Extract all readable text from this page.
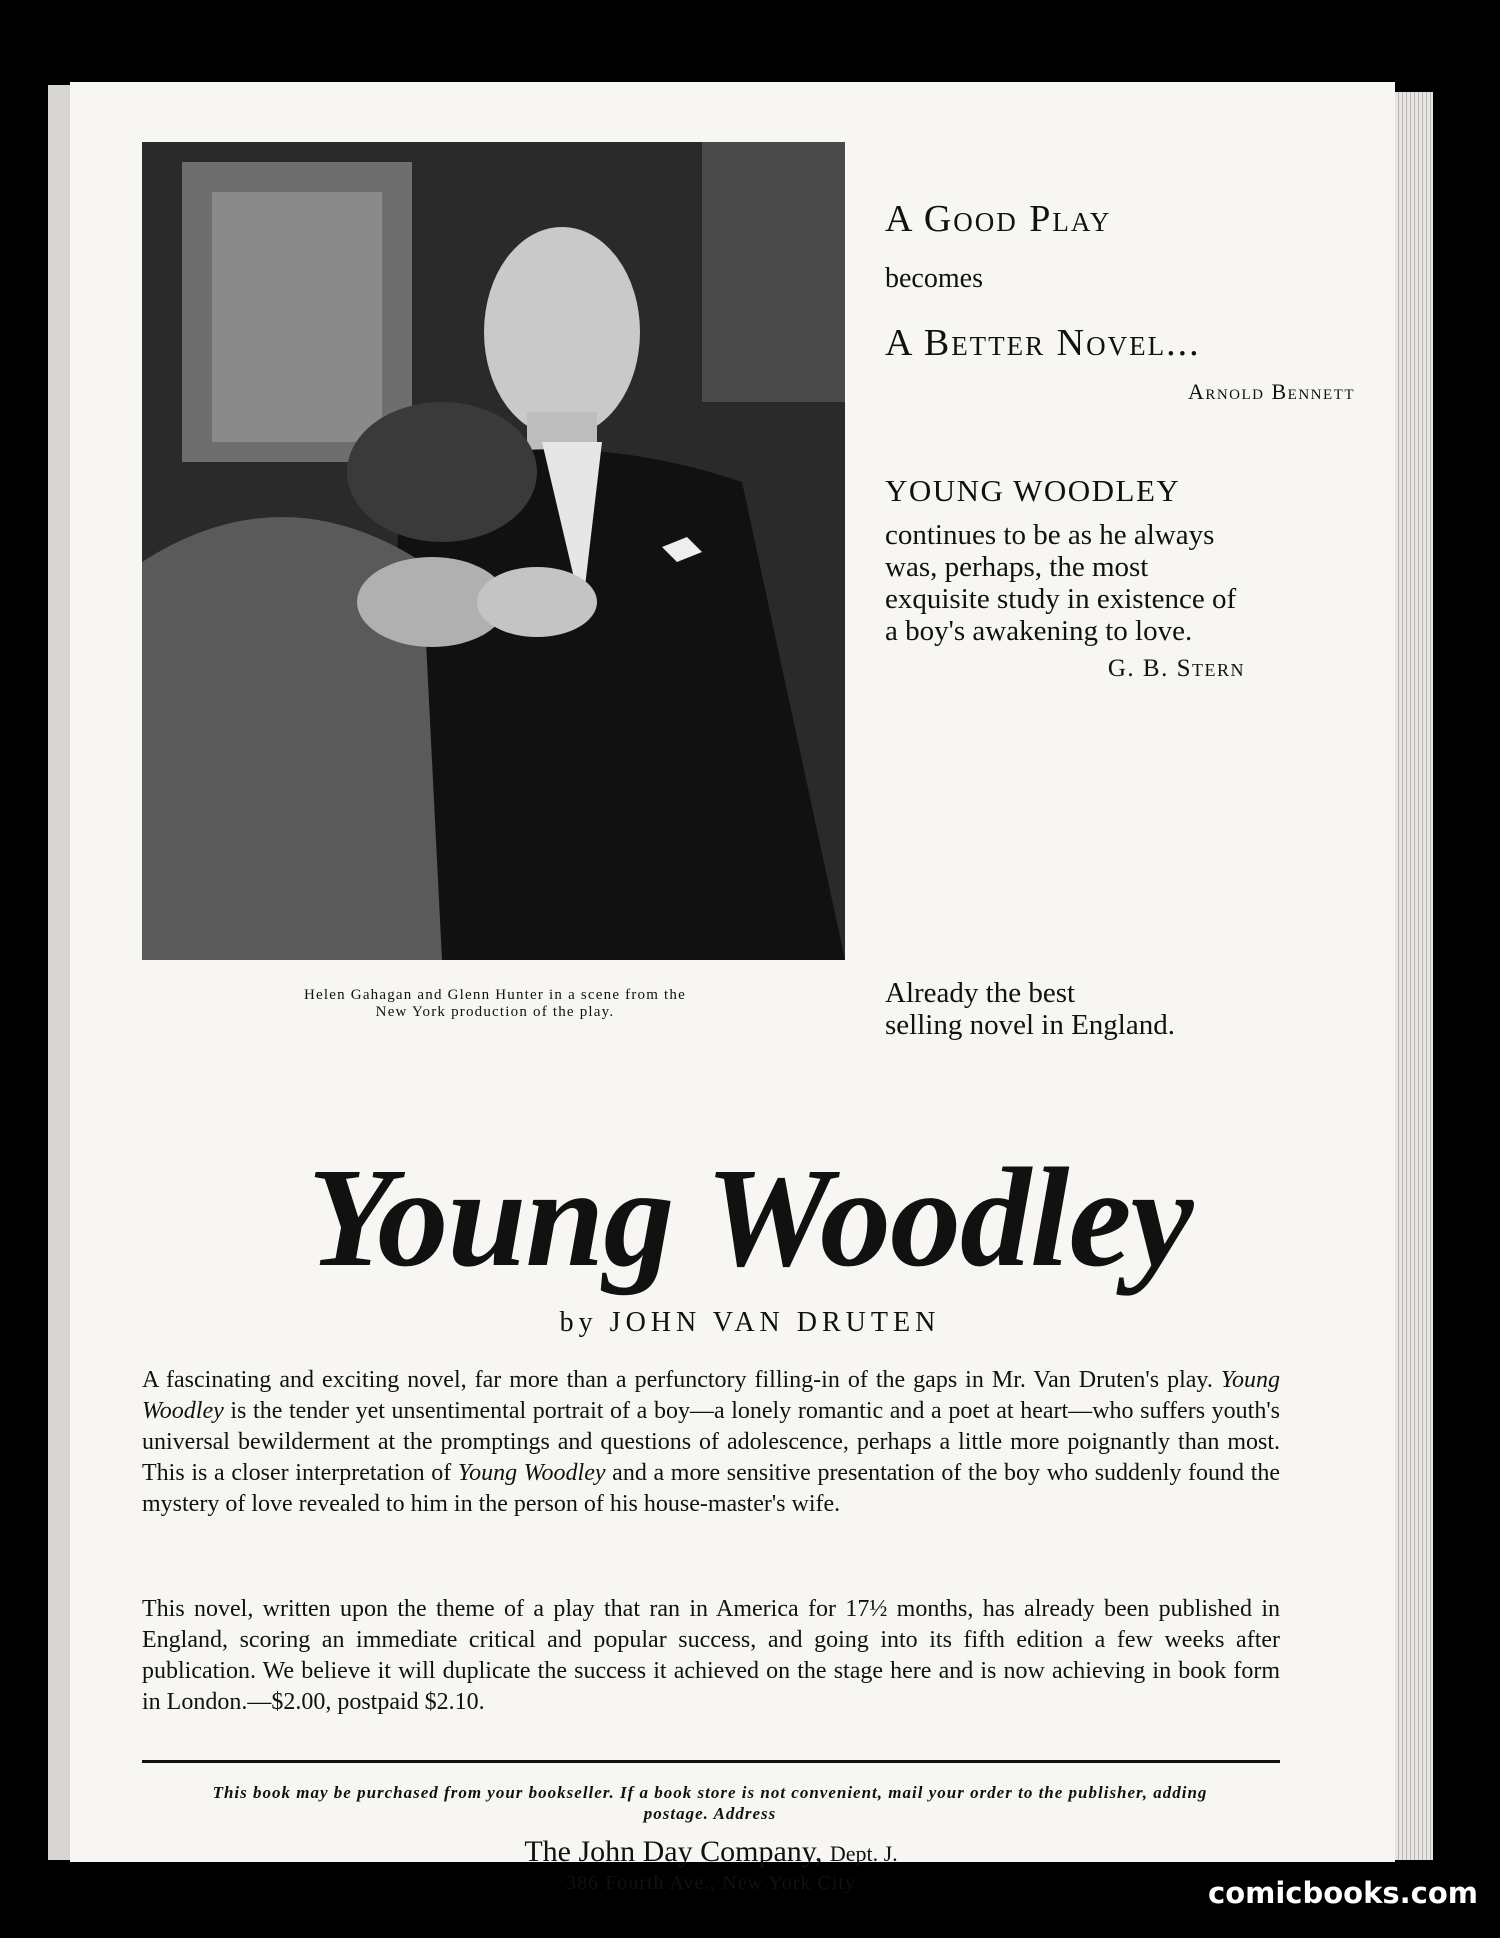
Helen Gahagan and Glenn Hunter in a scene from the
New York production of the play.
A Good Play
becomes
A Better Novel...
Arnold Bennett
YOUNG WOODLEY
continues to be as he always was, perhaps, the most exquisite study in existence of a boy's awakening to love.
G. B. Stern
Already the best
selling novel in England.
Young Woodley
by JOHN VAN DRUTEN
A fascinating and exciting novel, far more than a perfunctory filling-in of the gaps in Mr. Van Druten's play. Young Woodley is the tender yet unsentimental portrait of a boy—a lonely romantic and a poet at heart—who suffers youth's universal bewilderment at the promptings and questions of adolescence, perhaps a little more poignantly than most. This is a closer interpretation of Young Woodley and a more sensitive presentation of the boy who suddenly found the mystery of love revealed to him in the person of his house-master's wife.
This novel, written upon the theme of a play that ran in America for 17½ months, has already been published in England, scoring an immediate critical and popular success, and going into its fifth edition a few weeks after publication. We believe it will duplicate the success it achieved on the stage here and is now achieving in book form in London.—$2.00, postpaid $2.10.
This book may be purchased from your bookseller. If a book store is not convenient, mail your order to the publisher, adding postage. Address
The John Day Company, Dept. J.
386 Fourth Ave., New York City	comicbooks.com
